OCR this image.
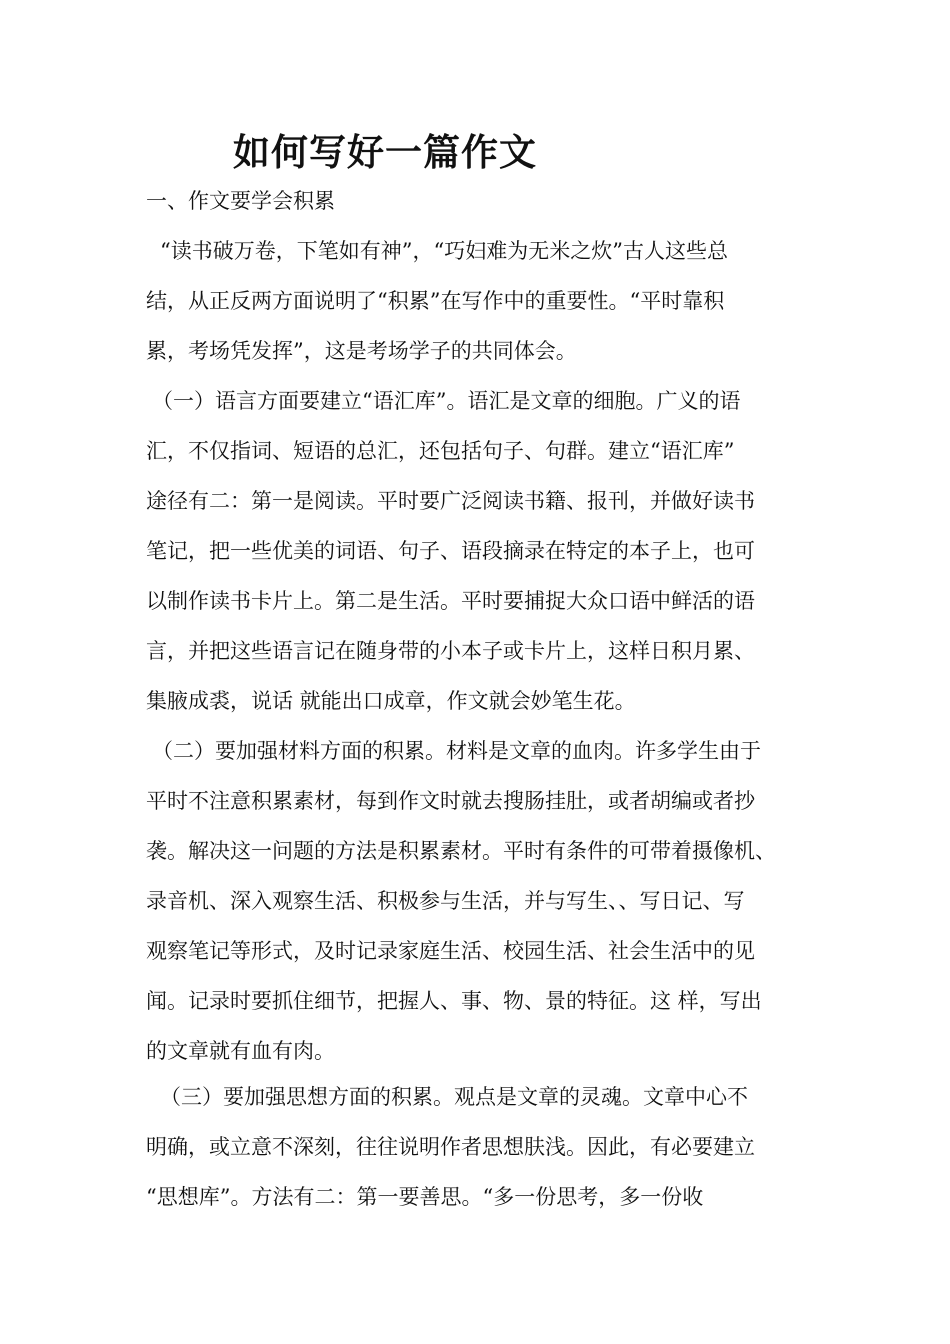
如何写好一篇作文
一、作文要学会积累
“读书破万卷，下笔如有神”，“巧妇难为无米之炊”古人这些总
结，从正反两方面说明了“积累”在写作中的重要性。“平时靠积
累，考场凭发挥”，这是考场学子的共同体会。
（一）语言方面要建立“语汇库”。语汇是文章的细胞。广义的语
汇，不仅指词、短语的总汇，还包括句子、句群。建立“语汇库”
途径有二：第一是阅读。平时要广泛阅读书籍、报刊，并做好读书
笔记，把一些优美的词语、句子、语段摘录在特定的本子上，也可
以制作读书卡片上。第二是生活。平时要捕捉大众口语中鲜活的语
言，并把这些语言记在随身带的小本子或卡片上，这样日积月累、
集腋成裘，说话 就能出口成章，作文就会妙笔生花。
（二）要加强材料方面的积累。材料是文章的血肉。许多学生由于
平时不注意积累素材，每到作文时就去搜肠挂肚，或者胡编或者抄
袭。解决这一问题的方法是积累素材。平时有条件的可带着摄像机、
录音机、深入观察生活、积极参与生活，并与写生、、写日记、写
观察笔记等形式，及时记录家庭生活、校园生活、社会生活中的见
闻。记录时要抓住细节，把握人、事、物、景的特征。这 样，写出
的文章就有血有肉。
（三）要加强思想方面的积累。观点是文章的灵魂。文章中心不
明确，或立意不深刻，往往说明作者思想肤浅。因此，有必要建立
“思想库”。方法有二：第一要善思。“多一份思考，多一份收
